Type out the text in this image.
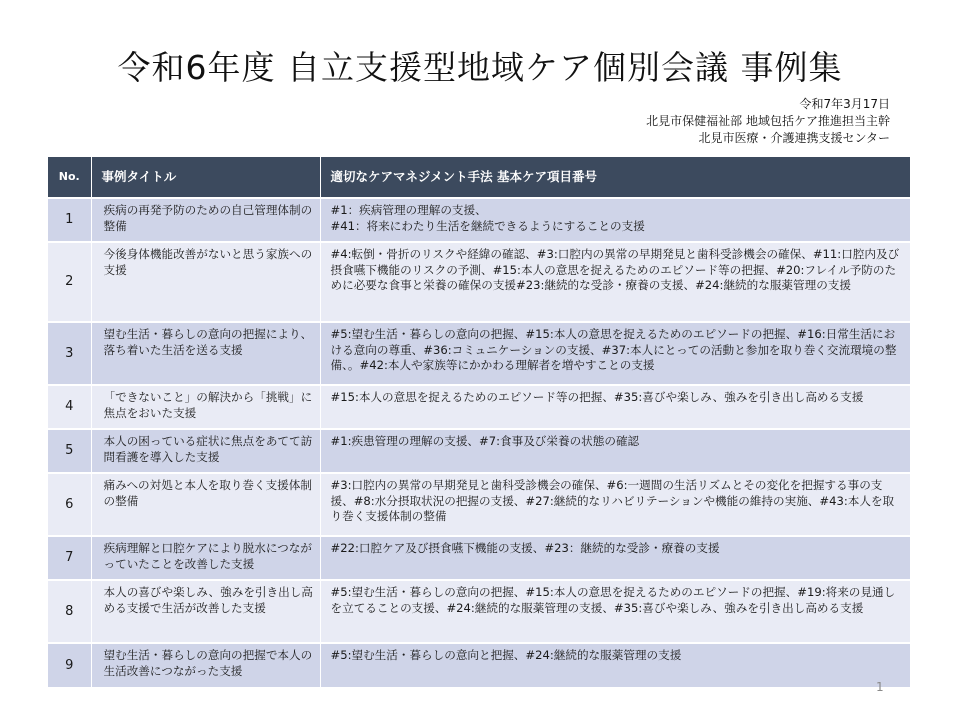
令和6年度 自立支援型地域ケア個別会議 事例集
令和7年3月17日
北見市保健福祉部 地域包括ケア推進担当主幹
北見市医療・介護連携支援センター
No.	事例タイトル	適切なケアマネジメント手法 基本ケア項目番号
1	疾病の再発予防のための自己管理体制の整備	#1：疾病管理の理解の支援、
#41：将来にわたり生活を継続できるようにすることの支援
2	今後身体機能改善がないと思う家族への支援	#4:転倒・骨折のリスクや経緯の確認、#3:口腔内の異常の早期発見と歯科受診機会の確保、#11:口腔内及び摂食嚥下機能のリスクの予測、#15:本人の意思を捉えるためのエピソード等の把握、#20:フレイル予防のために必要な食事と栄養の確保の支援#23:継続的な受診・療養の支援、#24:継続的な服薬管理の支援
3	望む生活・暮らしの意向の把握により、落ち着いた生活を送る支援	#5:望む生活・暮らしの意向の把握、#15:本人の意思を捉えるためのエピソードの把握、#16:日常生活における意向の尊重、#36:コミュニケーションの支援、#37:本人にとっての活動と参加を取り巻く交流環境の整備、。#42:本人や家族等にかかわる理解者を増やすことの支援
4	「できないこと」の解決から「挑戦」に焦点をおいた支援	#15:本人の意思を捉えるためのエピソード等の把握、#35:喜びや楽しみ、強みを引き出し高める支援
5	本人の困っている症状に焦点をあてて訪問看護を導入した支援	#1:疾患管理の理解の支援、#7:食事及び栄養の状態の確認
6	痛みへの対処と本人を取り巻く支援体制の整備	#3:口腔内の異常の早期発見と歯科受診機会の確保、#6:一週間の生活リズムとその変化を把握する事の支援、#8:水分摂取状況の把握の支援、#27:継続的なリハビリテーションや機能の維持の実施、#43:本人を取り巻く支援体制の整備
7	疾病理解と口腔ケアにより脱水につながっていたことを改善した支援	#22:口腔ケア及び摂食嚥下機能の支援、#23：継続的な受診・療養の支援
8	本人の喜びや楽しみ、強みを引き出し高める支援で生活が改善した支援	#5:望む生活・暮らしの意向の把握、#15:本人の意思を捉えるためのエピソードの把握、#19:将来の見通しを立てることの支援、#24:継続的な服薬管理の支援、#35:喜びや楽しみ、強みを引き出し高める支援
9	望む生活・暮らしの意向の把握で本人の生活改善につながった支援	#5:望む生活・暮らしの意向と把握、#24:継続的な服薬管理の支援
1
